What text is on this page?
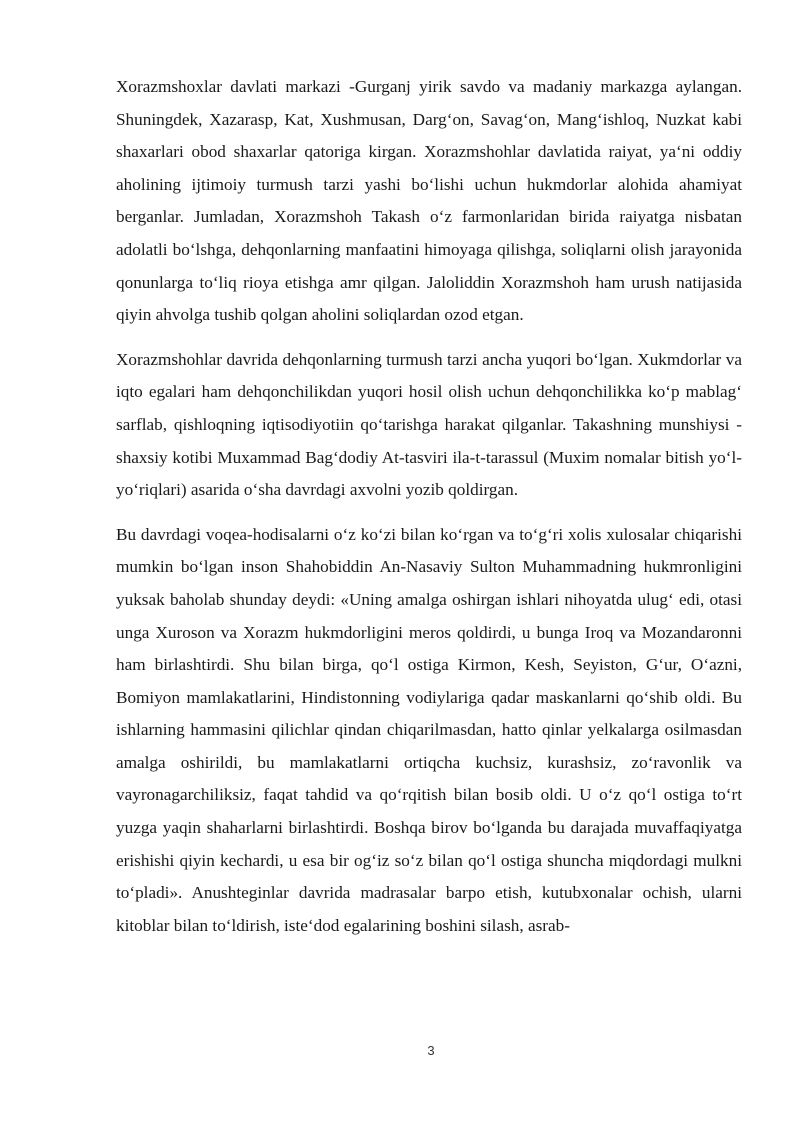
Xorazmshoxlar davlati markazi -Gurganj yirik savdo va madaniy markazga aylangan. Shuningdek, Xazarasp, Kat, Xushmusan, Darg‘on, Savag‘on, Mang‘ishloq, Nuzkat kabi shaxarlari obod shaxarlar qatoriga kirgan. Xorazmshohlar davlatida raiyat, ya‘ni oddiy aholining ijtimoiy turmush tarzi yashi bo‘lishi uchun hukmdorlar alohida ahamiyat berganlar. Jumladan, Xorazmshoh Takash o‘z farmonlaridan birida raiyatga nisbatan adolatli bo‘lshga, dehqonlarning manfaatini himoyaga qilishga, soliqlarni olish jarayonida qonunlarga to‘liq rioya etishga amr qilgan. Jaloliddin Xorazmshoh ham urush natijasida qiyin ahvolga tushib qolgan aholini soliqlardan ozod etgan.

Xorazmshohlar davrida dehqonlarning turmush tarzi ancha yuqori bo‘lgan. Xukmdorlar va iqto egalari ham dehqonchilikdan yuqori hosil olish uchun dehqonchilikka ko‘p mablag‘ sarflab, qishloqning iqtisodiyotiin qo‘tarishga harakat qilganlar. Takashning munshiysi -shaxsiy kotibi Muxammad Bag‘dodiy At-tasviri ila-t-tarassul (Muxim nomalar bitish yo‘l-yo‘riqlari) asarida o‘sha davrdagi axvolni yozib qoldirgan.

Bu davrdagi voqea-hodisalarni o‘z ko‘zi bilan ko‘rgan va to‘g‘ri xolis xulosalar chiqarishi mumkin bo‘lgan inson Shahobiddin An-Nasaviy Sulton Muhammadning hukmronligini yuksak baholab shunday deydi: «Uning amalga oshirgan ishlari nihoyatda ulug‘ edi, otasi unga Xuroson va Xorazm hukmdorligini meros qoldirdi, u bunga Iroq va Mozandaronni ham birlashtirdi. Shu bilan birga, qo‘l ostiga Kirmon, Kesh, Seyiston, G‘ur, O‘azni, Bomiyon mamlakatlarini, Hindistonning vodiylariga qadar maskanlarni qo‘shib oldi. Bu ishlarning hammasini qilichlar qindan chiqarilmasdan, hatto qinlar yelkalarga osilmasdan amalga oshirildi, bu mamlakatlarni ortiqcha kuchsiz, kurashsiz, zo‘ravonlik va vayronagarchiliksiz, faqat tahdid va qo‘rqitish bilan bosib oldi. U o‘z qo‘l ostiga to‘rt yuzga yaqin shaharlarni birlashtirdi. Boshqa birov bo‘lganda bu darajada muvaffaqiyatga erishishi qiyin kechardi, u esa bir og‘iz so‘z bilan qo‘l ostiga shuncha miqdordagi mulkni to‘pladi». Anushteginlar davrida madrasalar barpo etish, kutubxonalar ochish, ularni kitoblar bilan to‘ldirish, iste‘dod egalarining boshini silash, asrab-

3
